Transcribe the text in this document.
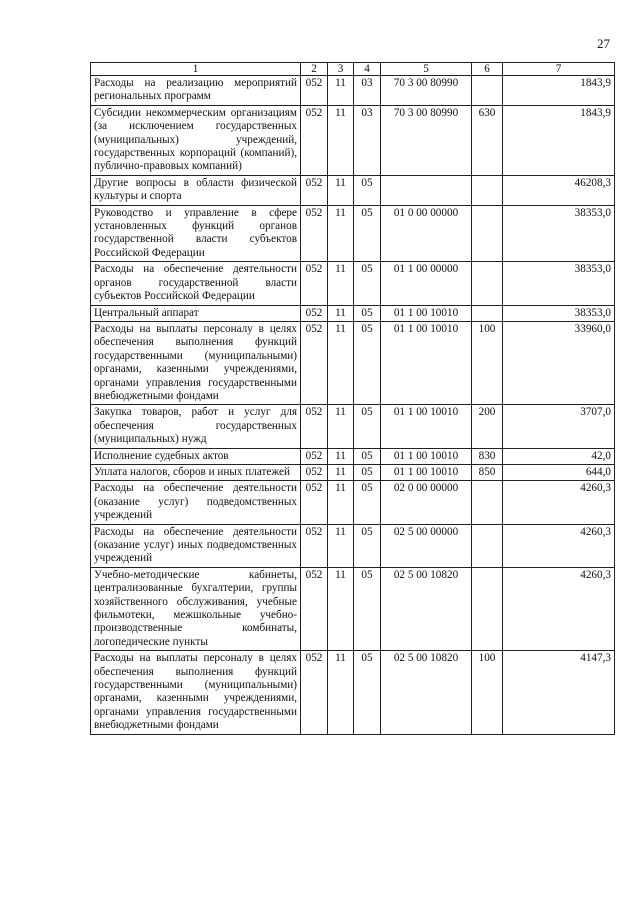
27
1	2	3	4	5	6	7
Расходы на реализацию мероприятий региональных программ	052	11	03	70 3 00 80990		1843,9
Субсидии некоммерческим организациям (за исключением государственных (муниципальных) учреждений, государственных корпораций (компаний), публично-правовых компаний)	052	11	03	70 3 00 80990	630	1843,9
Другие вопросы в области физической культуры и спорта	052	11	05			46208,3
Руководство и управление в сфере установленных функций органов государственной власти субъектов Российской Федерации	052	11	05	01 0 00 00000		38353,0
Расходы на обеспечение деятельности органов государственной власти субъектов Российской Федерации	052	11	05	01 1 00 00000		38353,0
Центральный аппарат	052	11	05	01 1 00 10010		38353,0
Расходы на выплаты персоналу в целях обеспечения выполнения функций государственными (муниципальными) органами, казенными учреждениями, органами управления государственными внебюджетными фондами	052	11	05	01 1 00 10010	100	33960,0
Закупка товаров, работ и услуг для обеспечения государственных (муниципальных) нужд	052	11	05	01 1 00 10010	200	3707,0
Исполнение судебных актов	052	11	05	01 1 00 10010	830	42,0
Уплата налогов, сборов и иных платежей	052	11	05	01 1 00 10010	850	644,0
Расходы на обеспечение деятельности (оказание услуг) подведомственных учреждений	052	11	05	02 0 00 00000		4260,3
Расходы на обеспечение деятельности (оказание услуг) иных подведомственных учреждений	052	11	05	02 5 00 00000		4260,3
Учебно-методические кабинеты, централизованные бухгалтерии, группы хозяйственного обслуживания, учебные фильмотеки, межшкольные учебно-производственные комбинаты, логопедические пункты	052	11	05	02 5 00 10820		4260,3
Расходы на выплаты персоналу в целях обеспечения выполнения функций государственными (муниципальными) органами, казенными учреждениями, органами управления государственными внебюджетными фондами	052	11	05	02 5 00 10820	100	4147,3
